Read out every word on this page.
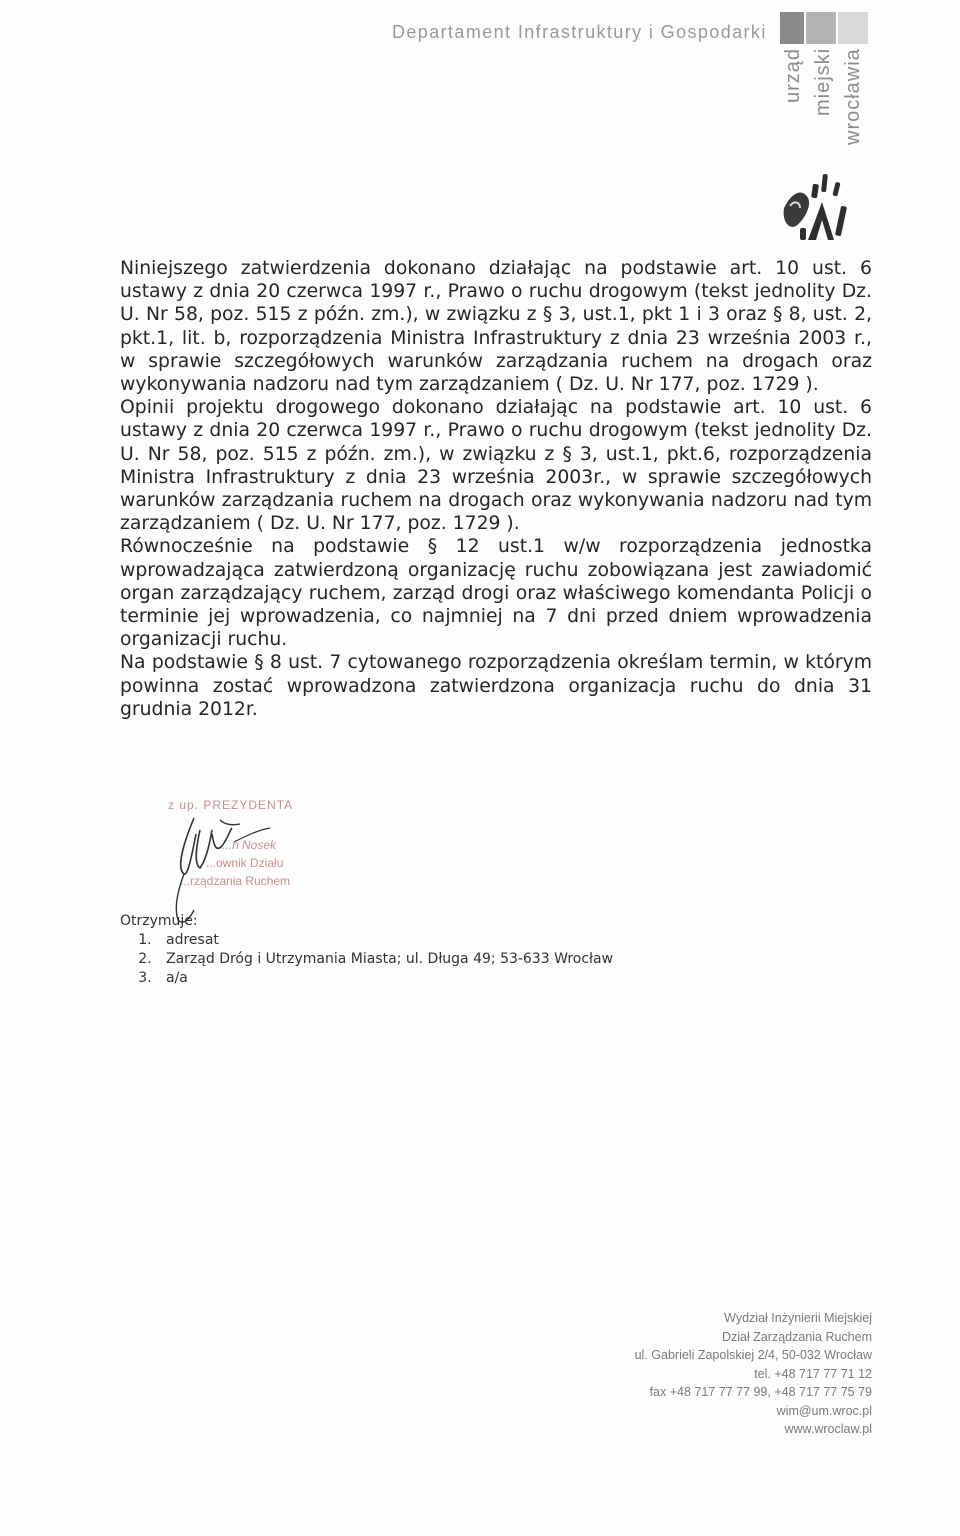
Departament Infrastruktury i Gospodarki
urząd miejski wrocławia

Niniejszego zatwierdzenia dokonano działając na podstawie art. 10 ust. 6 ustawy z dnia 20 czerwca 1997 r., Prawo o ruchu drogowym (tekst jednolity Dz. U. Nr 58, poz. 515 z późn. zm.), w związku z § 3, ust.1, pkt 1 i 3 oraz § 8, ust. 2, pkt.1, lit. b, rozporządzenia Ministra Infrastruktury z dnia 23 września 2003 r., w sprawie szczegółowych warunków zarządzania ruchem na drogach oraz wykonywania nadzoru nad tym zarządzaniem ( Dz. U. Nr 177, poz. 1729 ).

Opinii projektu drogowego dokonano działając na podstawie art. 10 ust. 6 ustawy z dnia 20 czerwca 1997 r., Prawo o ruchu drogowym (tekst jednolity Dz. U. Nr 58, poz. 515 z późn. zm.), w związku z § 3, ust.1, pkt.6, rozporządzenia Ministra Infrastruktury z dnia 23 września 2003r., w sprawie szczegółowych warunków zarządzania ruchem na drogach oraz wykonywania nadzoru nad tym zarządzaniem ( Dz. U. Nr 177, poz. 1729 ).

Równocześnie na podstawie § 12 ust.1 w/w rozporządzenia jednostka wprowadzająca zatwierdzoną organizację ruchu zobowiązana jest zawiadomić organ zarządzający ruchem, zarząd drogi oraz właściwego komendanta Policji o terminie jej wprowadzenia, co najmniej na 7 dni przed dniem wprowadzenia organizacji ruchu.

Na podstawie § 8 ust. 7 cytowanego rozporządzenia określam termin, w którym powinna zostać wprowadzona zatwierdzona organizacja ruchu do dnia 31 grudnia 2012r.

z up. PREZYDENTA
...n Nosek
...ownik Działu
...rządzania Ruchem
Otrzymuje:
1. adresat
2. Zarząd Dróg i Utrzymania Miasta; ul. Długa 49; 53-633 Wrocław
3. a/a
Wydział Inżynierii Miejskiej
Dział Zarządzania Ruchem
ul. Gabrieli Zapolskiej 2/4, 50-032 Wrocław
tel. +48 717 77 71 12
fax +48 717 77 77 99, +48 717 77 75 79
wim@um.wroc.pl
www.wroclaw.pl
